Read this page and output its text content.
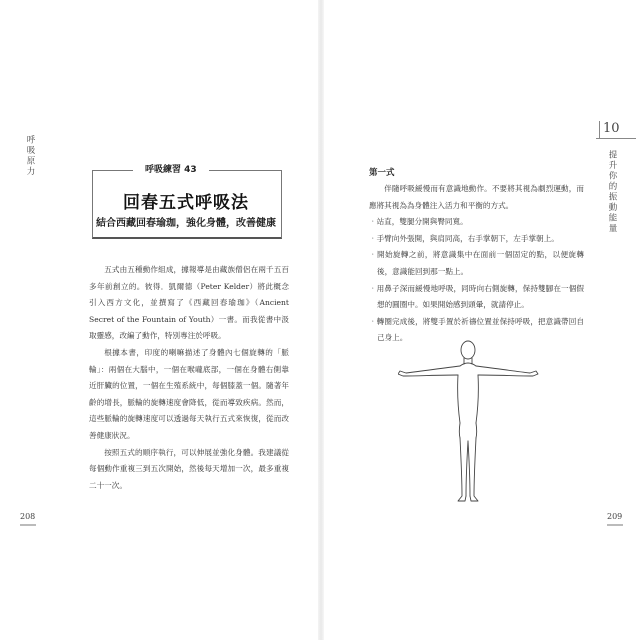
呼吸原力	呼吸練習 43
回春五式呼吸法
結合西藏回春瑜珈，強化身體，改善健康

五式由五種動作組成，據報導是由藏族僧侶在兩千五百多年前創立的。彼得．凱爾德（Peter Kelder）將此概念引入西方文化，並撰寫了《西藏回春瑜珈》（Ancient Secret of the Fountain of Youth）一書。而我從書中汲取靈感，改編了動作，特別專注於呼吸。

根據本書，印度的喇嘛描述了身體內七個旋轉的「脈輪」：兩個在大腦中，一個在喉嚨底部，一個在身體右側靠近肝臟的位置，一個在生殖系統中，每個膝蓋一個。隨著年齡的增長，脈輪的旋轉速度會降低，從而導致疾病。然而，這些脈輪的旋轉速度可以透過每天執行五式來恢復，從而改善健康狀況。

按照五式的順序執行，可以伸展並強化身體。我建議從每個動作重複三到五次開始，然後每天增加一次，最多重複二十一次。

208
10
提升你的振動能量
第一式

伴隨呼吸緩慢而有意識地動作。不要將其視為劇烈運動，而應將其視為為身體注入活力和平衡的方式。

‧站直，雙腿分開與臀同寬。
‧手臂向外張開，與肩同高，右手掌朝下，左手掌朝上。
‧開始旋轉之前，將意識集中在面前一個固定的點，以便旋轉後，意識能回到那一點上。
‧用鼻子深而緩慢地呼吸，同時向右側旋轉，保持雙腳在一個假想的圓圈中。如果開始感到頭暈，就請停止。
‧轉圈完成後，將雙手置於祈禱位置並保持呼吸，把意識帶回自己身上。
209
